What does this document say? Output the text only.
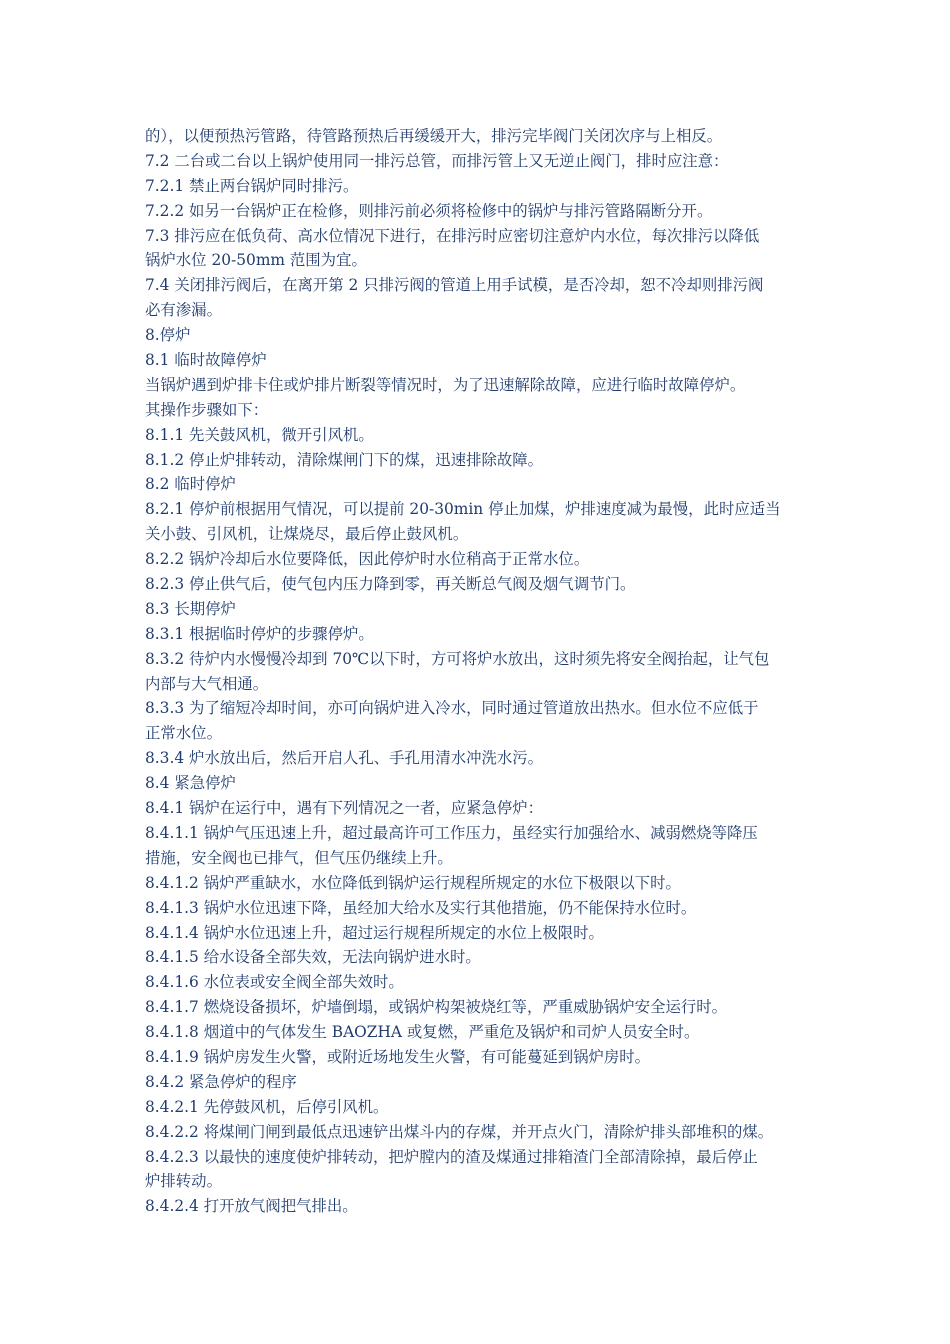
的），以便预热污管路，待管路预热后再缓缓开大，排污完毕阀门关闭次序与上相反。
7.2 二台或二台以上锅炉使用同一排污总管，而排污管上又无逆止阀门，排时应注意：
7.2.1 禁止两台锅炉同时排污。
7.2.2 如另一台锅炉正在检修，则排污前必须将检修中的锅炉与排污管路隔断分开。
7.3 排污应在低负荷、高水位情况下进行，在排污时应密切注意炉内水位，每次排污以降低
锅炉水位 20-50mm 范围为宜。
7.4 关闭排污阀后，在离开第 2 只排污阀的管道上用手试模，是否冷却，恕不冷却则排污阀
必有渗漏。
8.停炉
8.1 临时故障停炉
当锅炉遇到炉排卡住或炉排片断裂等情况时，为了迅速解除故障，应进行临时故障停炉。
其操作步骤如下：
8.1.1 先关鼓风机，微开引风机。
8.1.2 停止炉排转动，清除煤闸门下的煤，迅速排除故障。
8.2 临时停炉
8.2.1 停炉前根据用气情况，可以提前 20-30min 停止加煤，炉排速度减为最慢，此时应适当
关小鼓、引风机，让煤烧尽，最后停止鼓风机。
8.2.2 锅炉冷却后水位要降低，因此停炉时水位稍高于正常水位。
8.2.3 停止供气后，使气包内压力降到零，再关断总气阀及烟气调节门。
8.3 长期停炉
8.3.1 根据临时停炉的步骤停炉。
8.3.2 待炉内水慢慢冷却到 70℃以下时，方可将炉水放出，这时须先将安全阀抬起，让气包
内部与大气相通。
8.3.3 为了缩短冷却时间，亦可向锅炉进入冷水，同时通过管道放出热水。但水位不应低于
正常水位。
8.3.4 炉水放出后，然后开启人孔、手孔用清水冲洗水污。
8.4 紧急停炉
8.4.1 锅炉在运行中，遇有下列情况之一者，应紧急停炉：
8.4.1.1 锅炉气压迅速上升，超过最高许可工作压力，虽经实行加强给水、减弱燃烧等降压
措施，安全阀也已排气，但气压仍继续上升。
8.4.1.2 锅炉严重缺水，水位降低到锅炉运行规程所规定的水位下极限以下时。
8.4.1.3 锅炉水位迅速下降，虽经加大给水及实行其他措施，仍不能保持水位时。
8.4.1.4 锅炉水位迅速上升，超过运行规程所规定的水位上极限时。
8.4.1.5 给水设备全部失效，无法向锅炉进水时。
8.4.1.6 水位表或安全阀全部失效时。
8.4.1.7 燃烧设备损坏，炉墙倒塌，或锅炉构架被烧红等，严重威胁锅炉安全运行时。
8.4.1.8 烟道中的气体发生 BAOZHA 或复燃，严重危及锅炉和司炉人员安全时。
8.4.1.9 锅炉房发生火警，或附近场地发生火警，有可能蔓延到锅炉房时。
8.4.2 紧急停炉的程序
8.4.2.1 先停鼓风机，后停引风机。
8.4.2.2 将煤闸门闸到最低点迅速铲出煤斗内的存煤，并开点火门，清除炉排头部堆积的煤。
8.4.2.3 以最快的速度使炉排转动，把炉膛内的渣及煤通过排箱渣门全部清除掉，最后停止
炉排转动。
8.4.2.4 打开放气阀把气排出。
